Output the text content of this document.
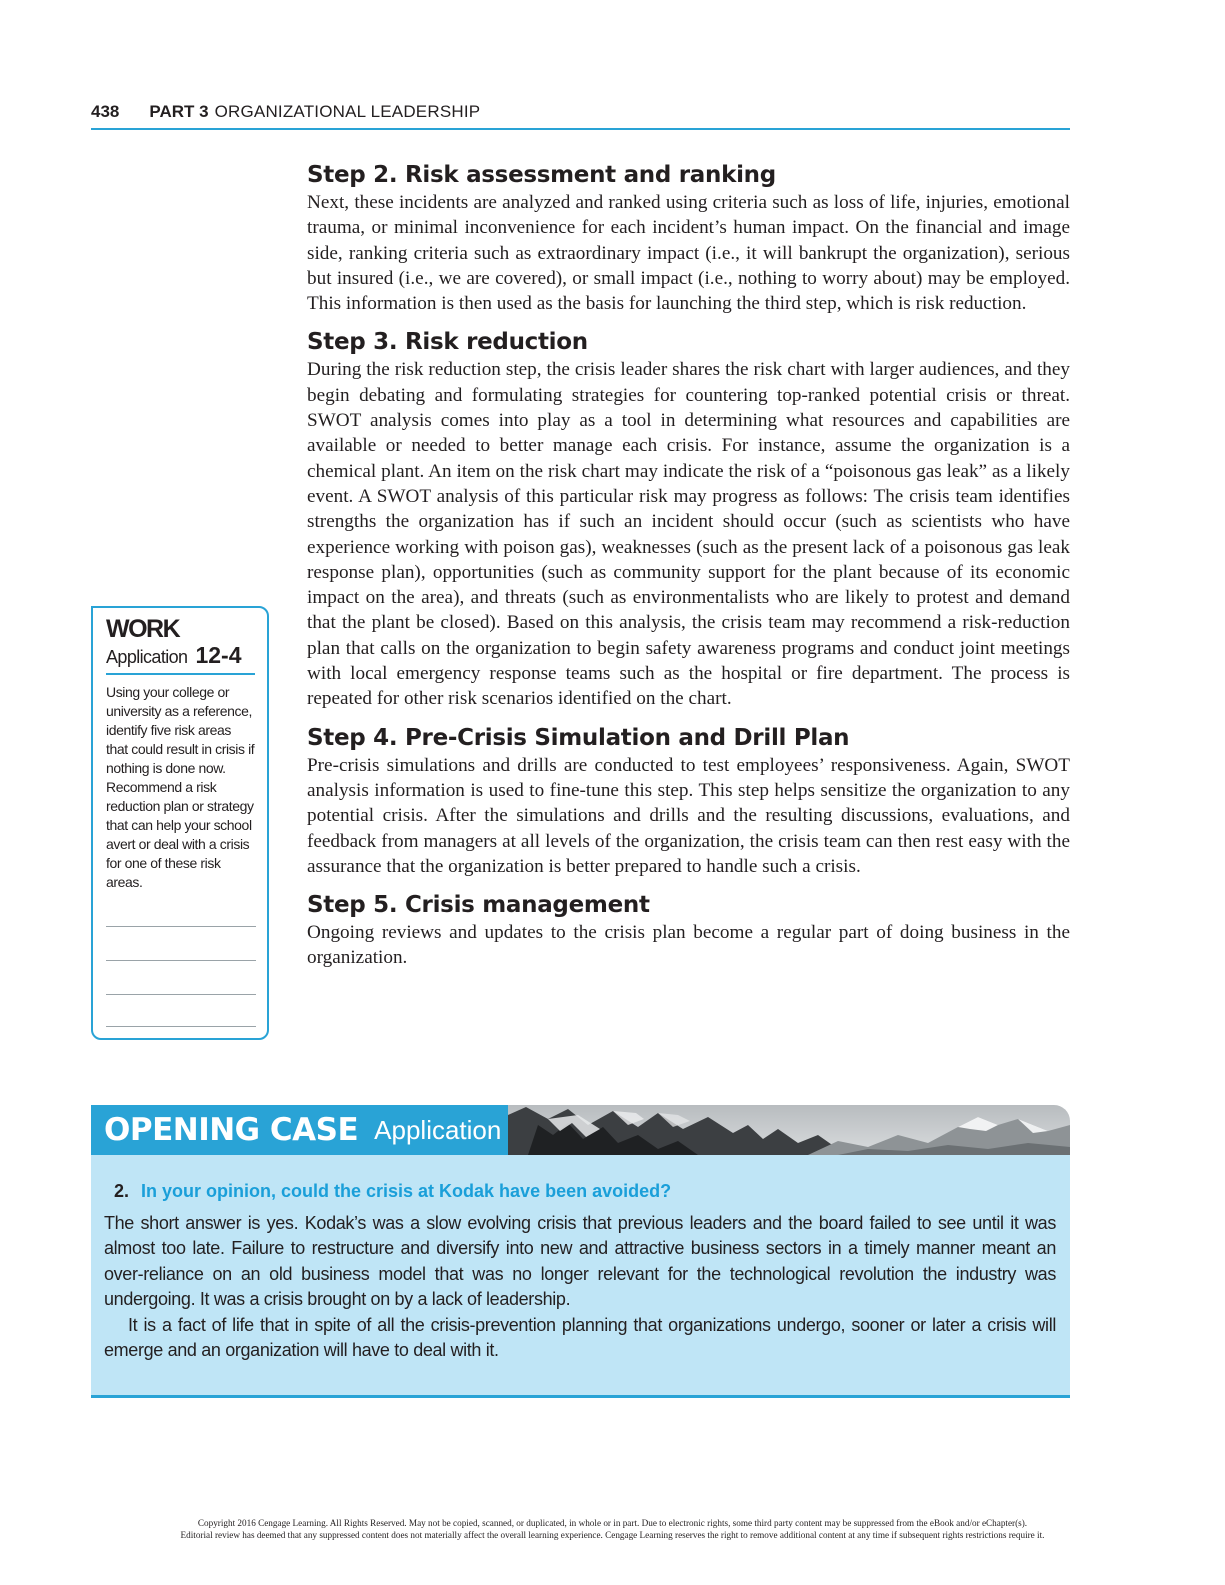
438 PART 3 ORGANIZATIONAL LEADERSHIP
Step 2. Risk assessment and ranking

Next, these incidents are analyzed and ranked using criteria such as loss of life, injuries, emotional trauma, or minimal inconvenience for each incident’s human impact. On the financial and image side, ranking criteria such as extraordinary impact (i.e., it will bankrupt the organization), serious but insured (i.e., we are covered), or small impact (i.e., nothing to worry about) may be employed. This information is then used as the basis for launching the third step, which is risk reduction.

Step 3. Risk reduction

During the risk reduction step, the crisis leader shares the risk chart with larger audiences, and they begin debating and formulating strategies for countering top-ranked potential crisis or threat. SWOT analysis comes into play as a tool in determining what resources and capabilities are available or needed to better manage each crisis. For instance, assume the organization is a chemical plant. An item on the risk chart may indicate the risk of a “poisonous gas leak” as a likely event. A SWOT analysis of this particular risk may progress as follows: The crisis team identifies strengths the organization has if such an incident should occur (such as scientists who have experience working with poison gas), weaknesses (such as the present lack of a poisonous gas leak response plan), opportunities (such as community support for the plant because of its economic impact on the area), and threats (such as environmentalists who are likely to protest and demand that the plant be closed). Based on this analysis, the crisis team may recommend a risk-reduction plan that calls on the organization to begin safety awareness programs and conduct joint meetings with local emergency response teams such as the hospital or fire department. The process is repeated for other risk scenarios identified on the chart.

Step 4. Pre-Crisis Simulation and Drill Plan

Pre-crisis simulations and drills are conducted to test employees’ responsiveness. Again, SWOT analysis information is used to fine-tune this step. This step helps sensitize the organization to any potential crisis. After the simulations and drills and the resulting discussions, evaluations, and feedback from managers at all levels of the organization, the crisis team can then rest easy with the assurance that the organization is better prepared to handle such a crisis.

Step 5. Crisis management

Ongoing reviews and updates to the crisis plan become a regular part of doing business in the organization.

WORK
Application 12-4

Using your college or university as a reference, identify five risk areas that could result in crisis if nothing is done now. Recommend a risk reduction plan or strategy that can help your school avert or deal with a crisis for one of these risk areas.

OPENING CASE Application

2. In your opinion, could the crisis at Kodak have been avoided?

The short answer is yes. Kodak’s was a slow evolving crisis that previous leaders and the board failed to see until it was almost too late. Failure to restructure and diversify into new and attractive business sectors in a timely manner meant an over-reliance on an old business model that was no longer relevant for the technological revolution the industry was undergoing. It was a crisis brought on by a lack of leadership.

It is a fact of life that in spite of all the crisis-prevention planning that organizations undergo, sooner or later a crisis will emerge and an organization will have to deal with it.

Copyright 2016 Cengage Learning. All Rights Reserved. May not be copied, scanned, or duplicated, in whole or in part. Due to electronic rights, some third party content may be suppressed from the eBook and/or eChapter(s).
Editorial review has deemed that any suppressed content does not materially affect the overall learning experience. Cengage Learning reserves the right to remove additional content at any time if subsequent rights restrictions require it.
